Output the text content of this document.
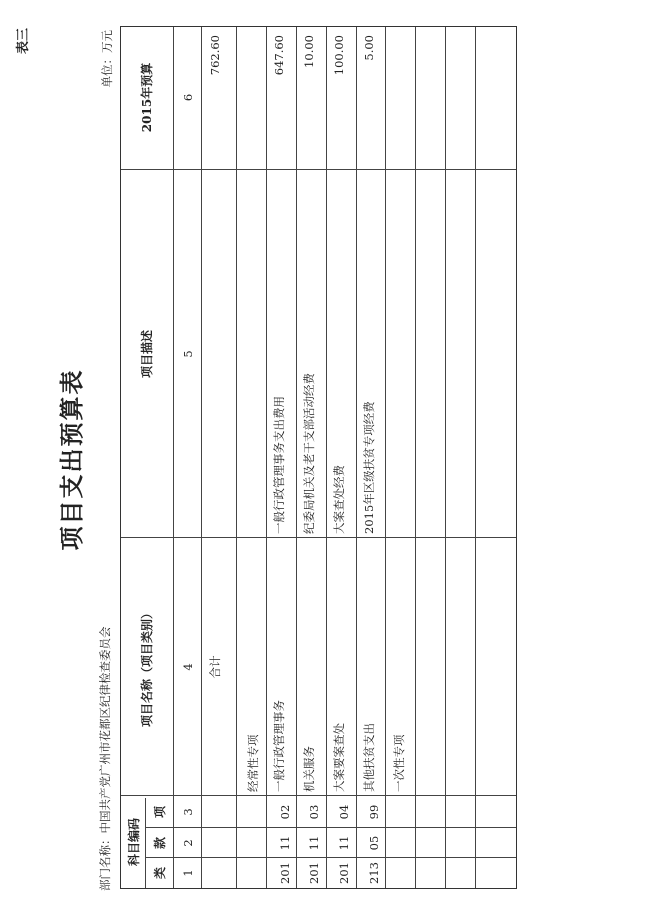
表三
项目支出预算表
部门名称：中国共产党广州市花都区纪律检查委员会
单位：万元
科目编码
类
款
项
项目名称（项目类别）
项目描述
2015年预算
1
2
3
4
5
6
合计
762.60
经常性专项
201
11
02
一般行政管理事务
一般行政管理事务支出费用
647.60
201
11
03
机关服务
纪委局机关及老干支部活动经费
10.00
201
11
04
大案要案查处
大案查处经费
100.00
213
05
99
其他扶贫支出
2015年区级扶贫专项经费
5.00
一次性专项
